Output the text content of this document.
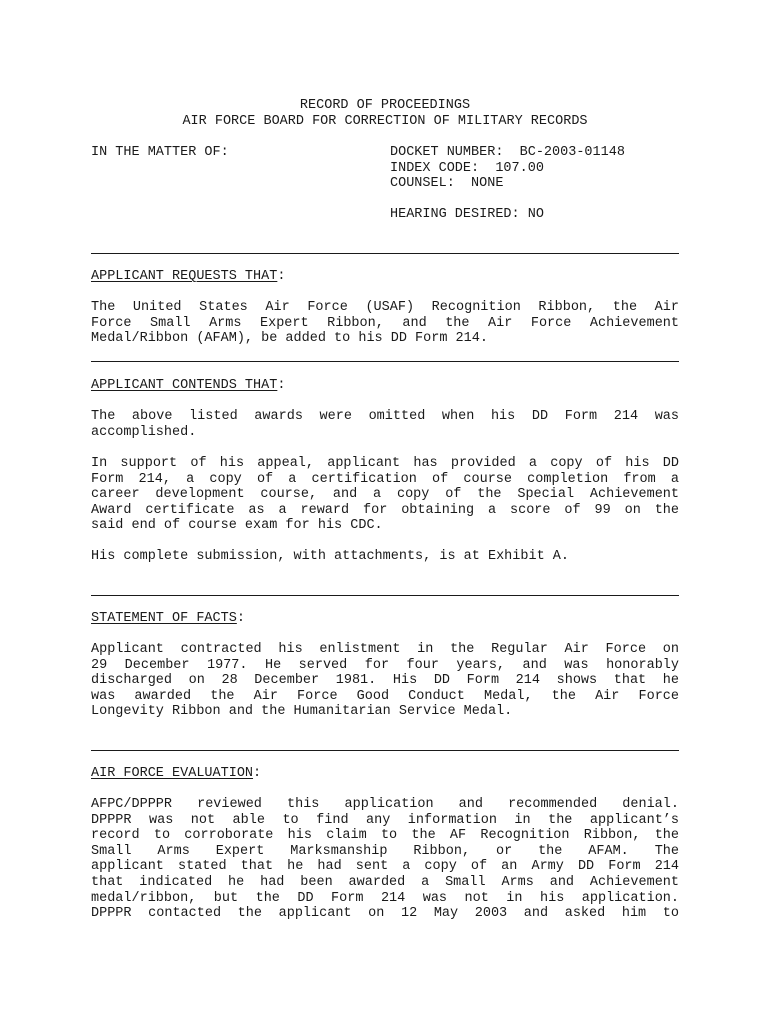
RECORD OF PROCEEDINGS
AIR FORCE BOARD FOR CORRECTION OF MILITARY RECORDS
IN THE MATTER OF:	DOCKET NUMBER:  BC-2003-01148
INDEX CODE:  107.00
COUNSEL:  NONE
HEARING DESIRED: NO
APPLICANT REQUESTS THAT:
The United States Air Force (USAF) Recognition Ribbon, the Air
Force Small Arms Expert Ribbon, and the Air Force Achievement
Medal/Ribbon (AFAM), be added to his DD Form 214.
APPLICANT CONTENDS THAT:
The above listed awards were omitted when his DD Form 214 was
accomplished.
In support of his appeal, applicant has provided a copy of his DD
Form 214, a copy of a certification of course completion from a
career development course, and a copy of the Special Achievement
Award certificate as a reward for obtaining a score of 99 on the
said end of course exam for his CDC.
His complete submission, with attachments, is at Exhibit A.
STATEMENT OF FACTS:
Applicant contracted his enlistment in the Regular Air Force on
29 December 1977. He served for four years, and was honorably
discharged on 28 December 1981. His DD Form 214 shows that he
was awarded the Air Force Good Conduct Medal, the Air Force
Longevity Ribbon and the Humanitarian Service Medal.
AIR FORCE EVALUATION:
AFPC/DPPPR reviewed this application and recommended denial.
DPPPR was not able to find any information in the applicant’s
record to corroborate his claim to the AF Recognition Ribbon, the
Small Arms Expert Marksmanship Ribbon, or the AFAM. The
applicant stated that he had sent a copy of an Army DD Form 214
that indicated he had been awarded a Small Arms and Achievement
medal/ribbon, but the DD Form 214 was not in his application.
DPPPR contacted the applicant on 12 May 2003 and asked him to
